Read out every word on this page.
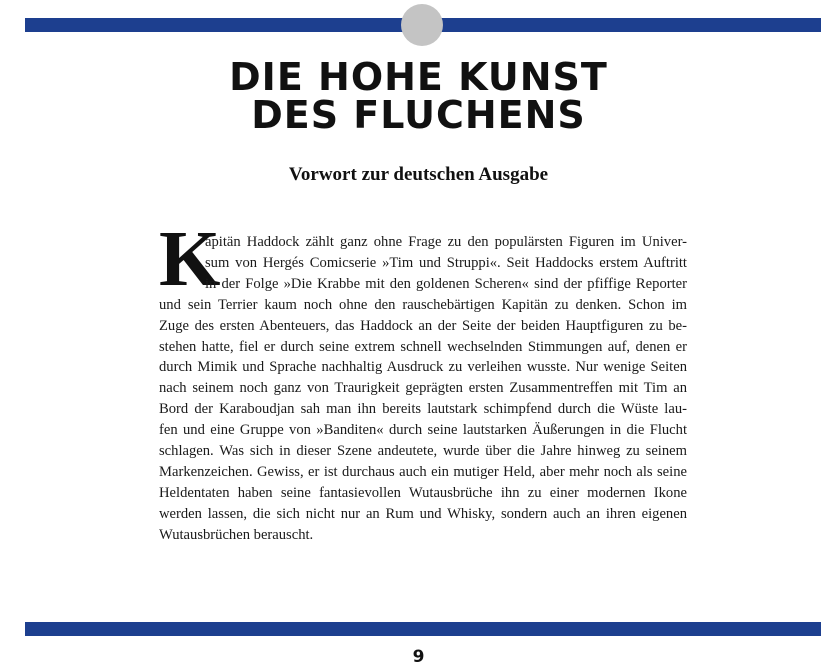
DIE HOHE KUNST
DES FLUCHENS
Vorwort zur deutschen Ausgabe
K
apitän Haddock zählt ganz ohne Frage zu den populärsten Figuren im Univer-
sum von Hergés Comicserie »Tim und Struppi«. Seit Haddocks erstem Auftritt
in der Folge »Die Krabbe mit den goldenen Scheren« sind der pfiffige Reporter
und sein Terrier kaum noch ohne den rauschebärtigen Kapitän zu denken. Schon im
Zuge des ersten Abenteuers, das Haddock an der Seite der beiden Hauptfiguren zu be-
stehen hatte, fiel er durch seine extrem schnell wechselnden Stimmungen auf, denen er
durch Mimik und Sprache nachhaltig Ausdruck zu verleihen wusste. Nur wenige Seiten
nach seinem noch ganz von Traurigkeit geprägten ersten Zusammentreffen mit Tim an
Bord der Karaboudjan sah man ihn bereits lautstark schimpfend durch die Wüste lau-
fen und eine Gruppe von »Banditen« durch seine lautstarken Äußerungen in die Flucht
schlagen. Was sich in dieser Szene andeutete, wurde über die Jahre hinweg zu seinem
Markenzeichen. Gewiss, er ist durchaus auch ein mutiger Held, aber mehr noch als seine
Heldentaten haben seine fantasievollen Wutausbrüche ihn zu einer modernen Ikone
werden lassen, die sich nicht nur an Rum und Whisky, sondern auch an ihren eigenen
Wutausbrüchen berauscht.
9
